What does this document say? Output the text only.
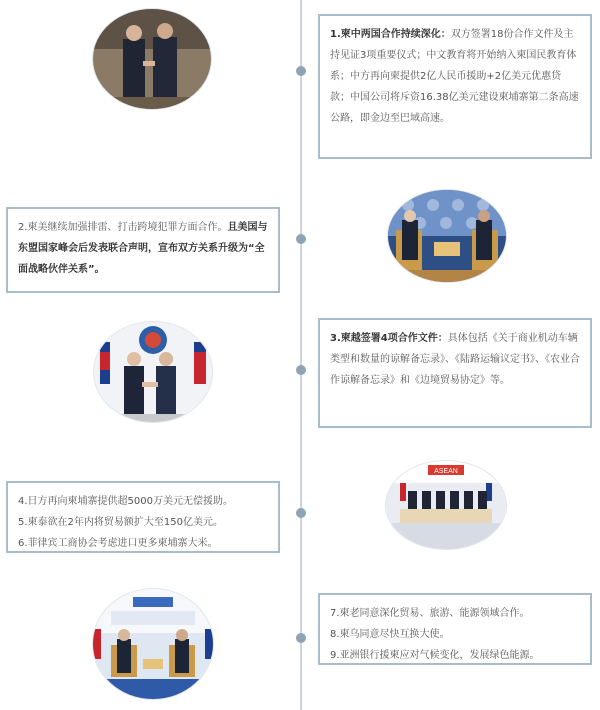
1.柬中两国合作持续深化：双方签署18份合作文件及主持见证3项重要仪式；中文教育将开始纳入柬国民教育体系；中方再向柬提供2亿人民币援助+2亿美元优惠贷款；中国公司将斥资16.38亿美元建设柬埔寨第二条高速公路，即金边至巴域高速。

2.柬美继续加强排雷、打击跨境犯罪方面合作。且美国与东盟国家峰会后发表联合声明，宣布双方关系升级为“全面战略伙伴关系”。

3.柬越签署4项合作文件：具体包括《关于商业机动车辆类型和数量的谅解备忘录》、《陆路运输议定书》、《农业合作谅解备忘录》和《边境贸易协定》等。

4.日方再向柬埔寨提供超5000万美元无偿援助。

5.柬泰欲在2年内将贸易额扩大至150亿美元。

6.菲律宾工商协会考虑进口更多柬埔寨大米。

ASEAN

7.柬老同意深化贸易、旅游、能源领域合作。

8.柬乌同意尽快互换大使。

9.亚洲银行援柬应对气候变化，发展绿色能源。
